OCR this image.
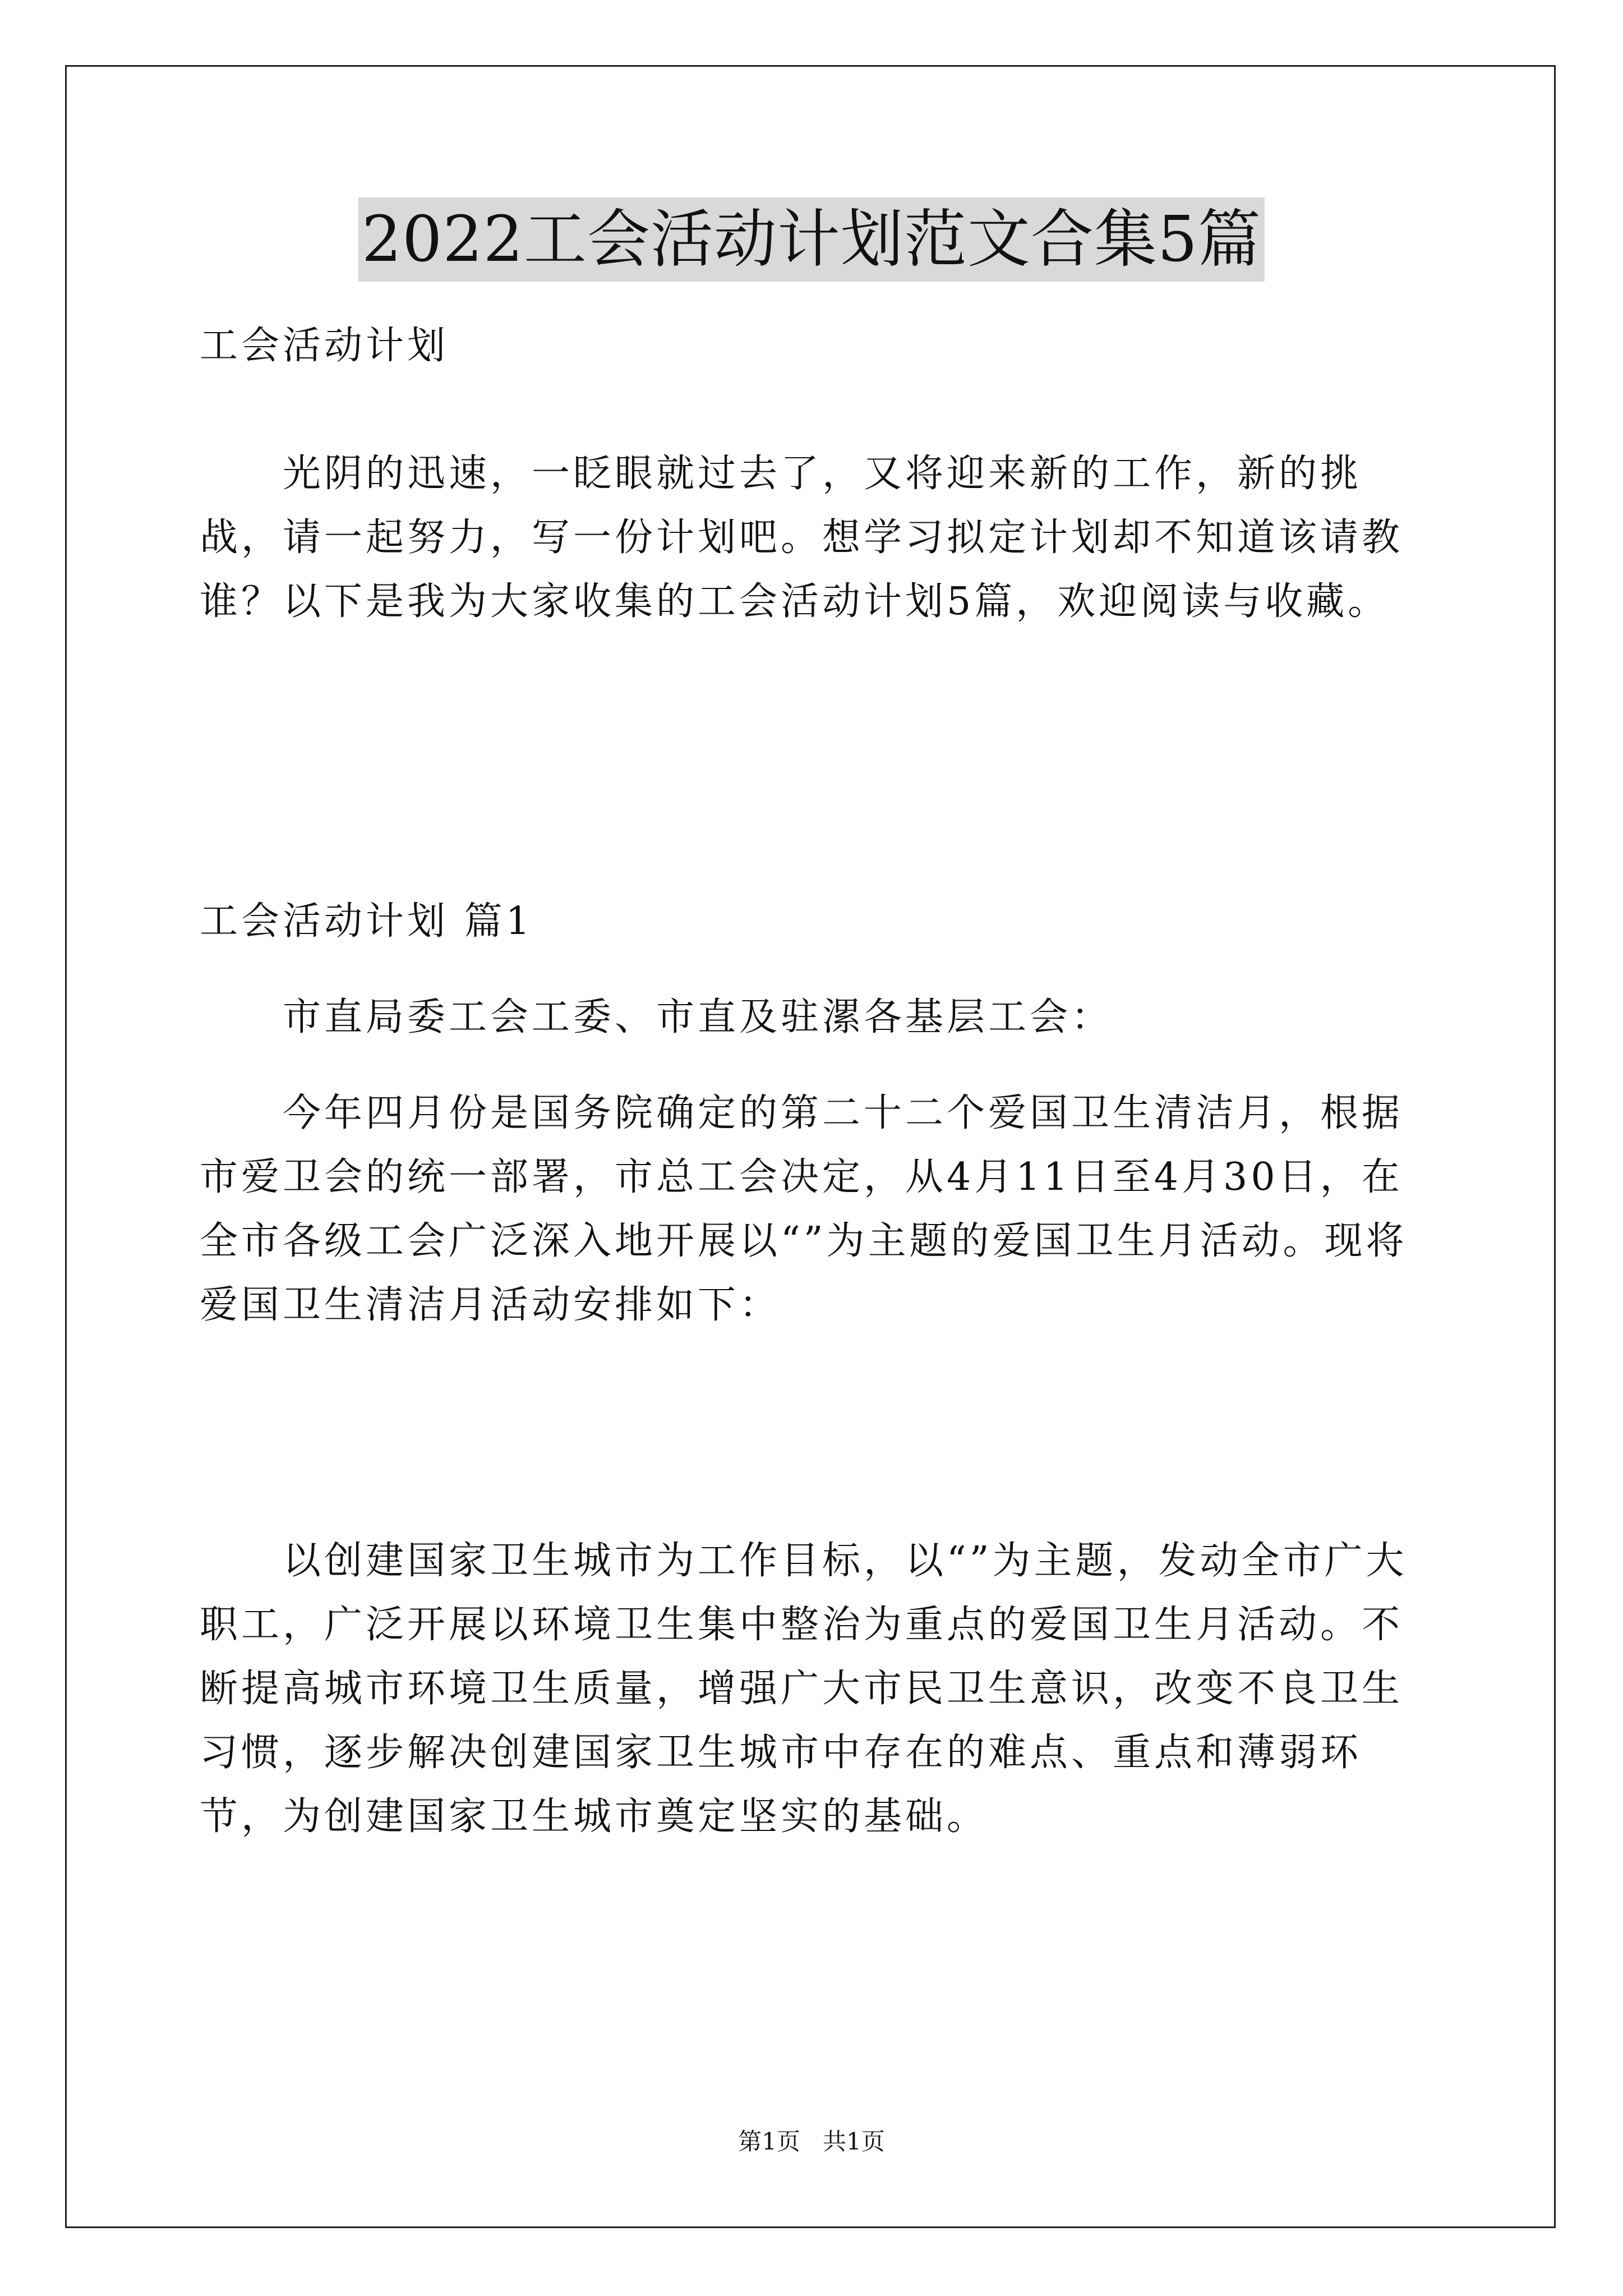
2022工会活动计划范文合集5篇

工会活动计划

光阴的迅速，一眨眼就过去了，又将迎来新的工作，新的挑战，请一起努力，写一份计划吧。想学习拟定计划却不知道该请教谁？以下是我为大家收集的工会活动计划5篇，欢迎阅读与收藏。

工会活动计划 篇1

市直局委工会工委、市直及驻漯各基层工会：

今年四月份是国务院确定的第二十二个爱国卫生清洁月，根据市爱卫会的统一部署，市总工会决定，从4月11日至4月30日，在全市各级工会广泛深入地开展以“”为主题的爱国卫生月活动。现将爱国卫生清洁月活动安排如下：

以创建国家卫生城市为工作目标，以“”为主题，发动全市广大职工，广泛开展以环境卫生集中整治为重点的爱国卫生月活动。不断提高城市环境卫生质量，增强广大市民卫生意识，改变不良卫生习惯，逐步解决创建国家卫生城市中存在的难点、重点和薄弱环节，为创建国家卫生城市奠定坚实的基础。

第1页 共1页
